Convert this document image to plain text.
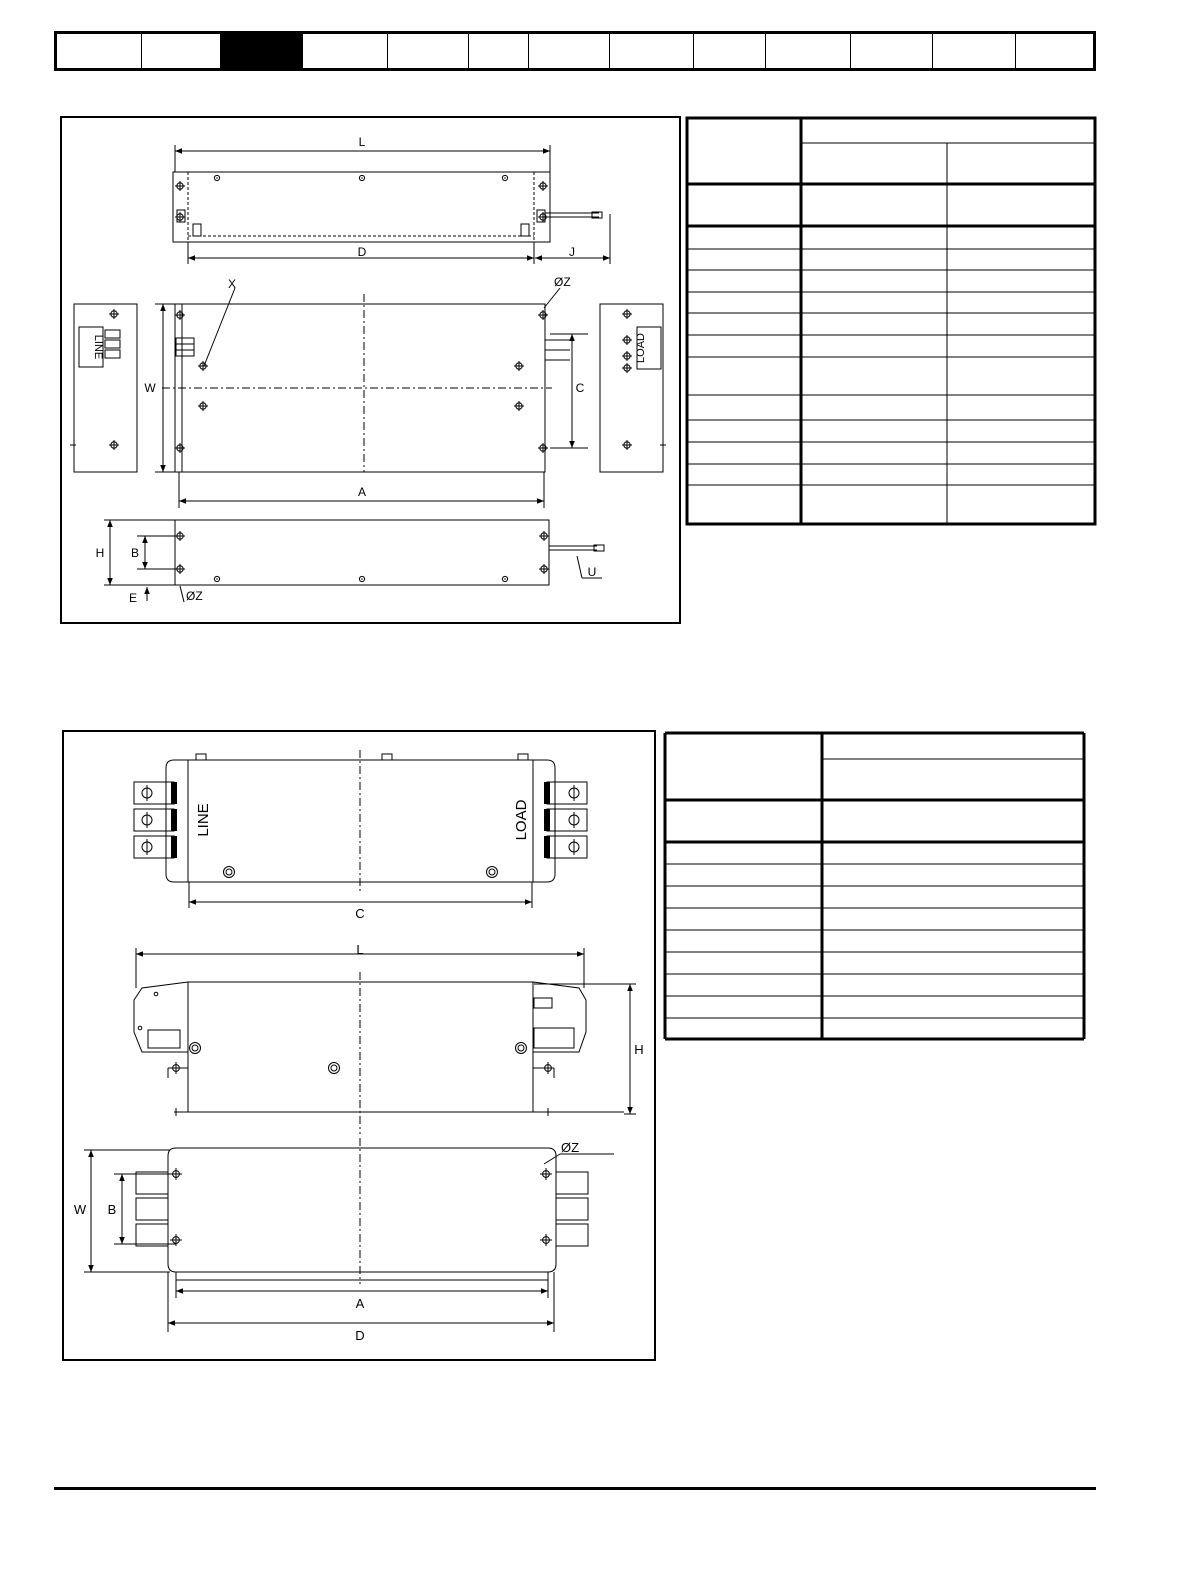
L
D	J
X	ØZ
W	C
A
H B
E	ØZ
U
LINE	LOAD
LINE	LOAD
C
L
H
ØZ
W B
A
D
